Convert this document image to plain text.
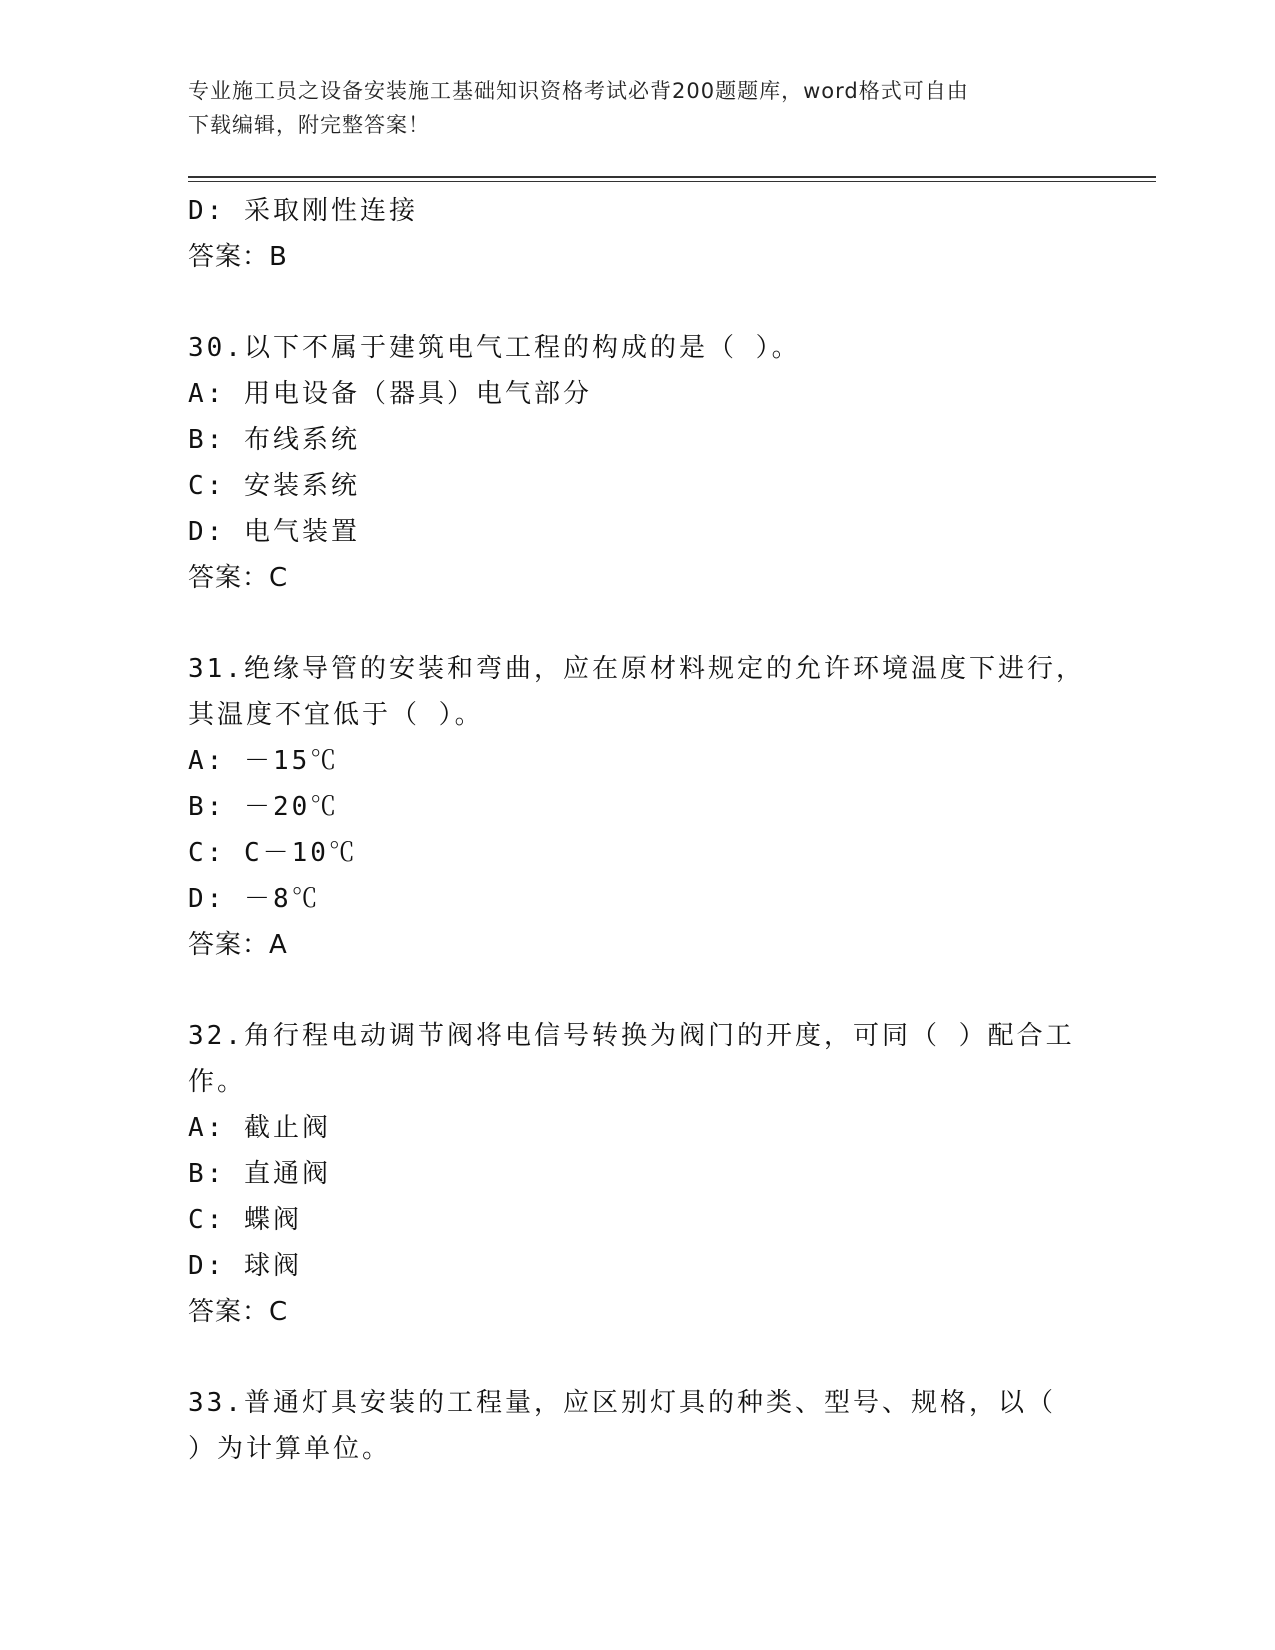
专业施工员之设备安装施工基础知识资格考试必背200题题库，word格式可自由
下载编辑，附完整答案！
D: 采取刚性连接
答案：B
30.以下不属于建筑电气工程的构成的是（ ）。
A: 用电设备（器具）电气部分
B: 布线系统
C: 安装系统
D: 电气装置
答案：C
31.绝缘导管的安装和弯曲，应在原材料规定的允许环境温度下进行，
其温度不宜低于（ ）。
A: －15℃
B: －20℃
C: C－10℃
D: －8℃
答案：A
32.角行程电动调节阀将电信号转换为阀门的开度，可同（ ）配合工
作。
A: 截止阀
B: 直通阀
C: 蝶阀
D: 球阀
答案：C
33.普通灯具安装的工程量，应区别灯具的种类、型号、规格，以（
）为计算单位。
